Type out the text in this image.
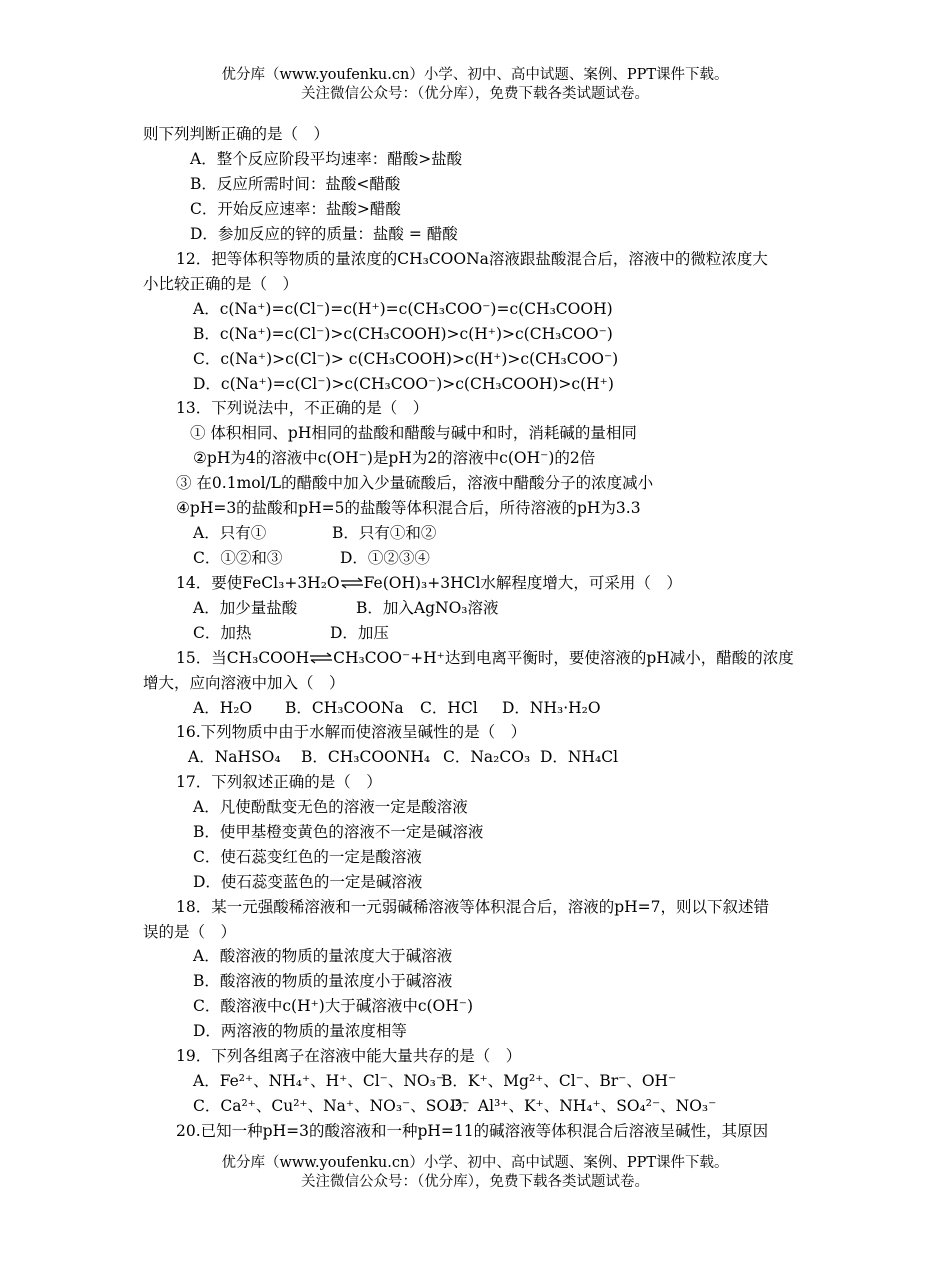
优分库（www.youfenku.cn）小学、初中、高中试题、案例、PPT课件下载。
关注微信公众号：（优分库），免费下载各类试题试卷。
则下列判断正确的是（　）
A．整个反应阶段平均速率：醋酸>盐酸
B．反应所需时间：盐酸<醋酸
C．开始反应速率：盐酸>醋酸
D．参加反应的锌的质量：盐酸 = 醋酸
12．把等体积等物质的量浓度的CH₃COONa溶液跟盐酸混合后，溶液中的微粒浓度大
小比较正确的是（　）
A．c(Na⁺)=c(Cl⁻)=c(H⁺)=c(CH₃COO⁻)=c(CH₃COOH)
B．c(Na⁺)=c(Cl⁻)>c(CH₃COOH)>c(H⁺)>c(CH₃COO⁻)
C．c(Na⁺)>c(Cl⁻)> c(CH₃COOH)>c(H⁺)>c(CH₃COO⁻)
D．c(Na⁺)=c(Cl⁻)>c(CH₃COO⁻)>c(CH₃COOH)>c(H⁺)
13．下列说法中，不正确的是（　）
① 体积相同、pH相同的盐酸和醋酸与碱中和时，消耗碱的量相同
②pH为4的溶液中c(OH⁻)是pH为2的溶液中c(OH⁻)的2倍
③ 在0.1mol/L的醋酸中加入少量硫酸后，溶液中醋酸分子的浓度减小
④pH=3的盐酸和pH=5的盐酸等体积混合后，所待溶液的pH为3.3
A．只有①	B．只有①和②
C．①②和③	D．①②③④
14．要使FeCl₃+3H₂O⇌Fe(OH)₃+3HCl水解程度增大，可采用（　）
A．加少量盐酸	B．加入AgNO₃溶液
C．加热	D．加压
15．当CH₃COOH⇌CH₃COO⁻+H⁺达到电离平衡时，要使溶液的pH减小，醋酸的浓度
增大，应向溶液中加入（　）
A．H₂O B．CH₃COONa C．HCl D．NH₃·H₂O
16.下列物质中由于水解而使溶液呈碱性的是（　）
A．NaHSO₄ B．CH₃COONH₄ C．Na₂CO₃ D．NH₄Cl
17．下列叙述正确的是（　）
A．凡使酚酞变无色的溶液一定是酸溶液
B．使甲基橙变黄色的溶液不一定是碱溶液
C．使石蕊变红色的一定是酸溶液
D．使石蕊变蓝色的一定是碱溶液
18．某一元强酸稀溶液和一元弱碱稀溶液等体积混合后，溶液的pH=7，则以下叙述错
误的是（　）
A．酸溶液的物质的量浓度大于碱溶液
B．酸溶液的物质的量浓度小于碱溶液
C．酸溶液中c(H⁺)大于碱溶液中c(OH⁻)
D．两溶液的物质的量浓度相等
19．下列各组离子在溶液中能大量共存的是（　）
A．Fe²⁺、NH₄⁺、H⁺、Cl⁻、NO₃⁻
B．K⁺、Mg²⁺、Cl⁻、Br⁻、OH⁻
C．Ca²⁺、Cu²⁺、Na⁺、NO₃⁻、SO₄²⁻
D．Al³⁺、K⁺、NH₄⁺、SO₄²⁻、NO₃⁻
20.已知一种pH=3的酸溶液和一种pH=11的碱溶液等体积混合后溶液呈碱性，其原因
优分库（www.youfenku.cn）小学、初中、高中试题、案例、PPT课件下载。
关注微信公众号：（优分库），免费下载各类试题试卷。
